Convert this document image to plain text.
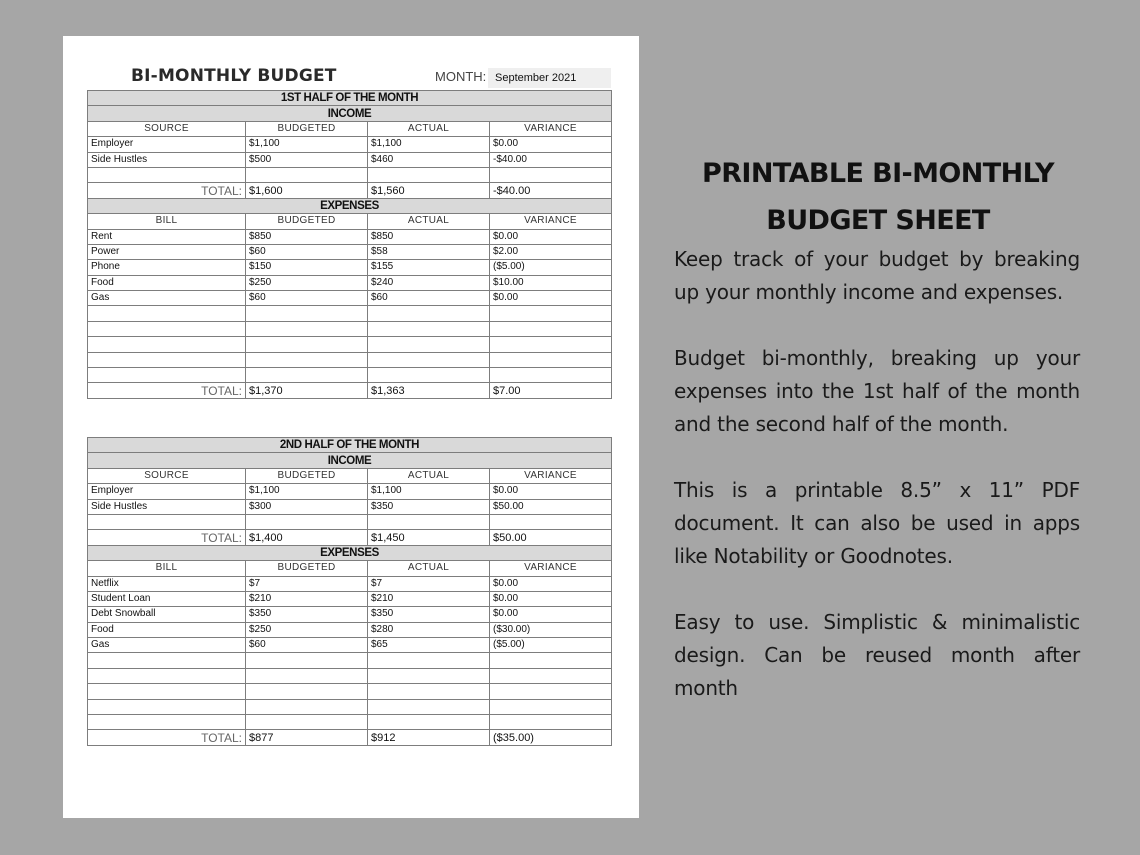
BI-MONTHLY BUDGET	MONTH: September 2021
1ST HALF OF THE MONTH			
INCOME			
SOURCE	BUDGETED	ACTUAL	VARIANCE
Employer	$1,100	$1,100	$0.00
Side Hustles	$500	$460	-$40.00

TOTAL:	$1,600	$1,560	-$40.00
EXPENSES			
BILL	BUDGETED	ACTUAL	VARIANCE
Rent	$850	$850	$0.00
Power	$60	$58	$2.00
Phone	$150	$155	($5.00)
Food	$250	$240	$10.00
Gas	$60	$60	$0.00

TOTAL:	$1,370	$1,363	$7.00
2ND HALF OF THE MONTH			
INCOME			
SOURCE	BUDGETED	ACTUAL	VARIANCE
Employer	$1,100	$1,100	$0.00
Side Hustles	$300	$350	$50.00

TOTAL:	$1,400	$1,450	$50.00
EXPENSES			
BILL	BUDGETED	ACTUAL	VARIANCE
Netflix	$7	$7	$0.00
Student Loan	$210	$210	$0.00
Debt Snowball	$350	$350	$0.00
Food	$250	$280	($30.00)
Gas	$60	$65	($5.00)

TOTAL:	$877	$912	($35.00)
PRINTABLE BI-MONTHLY
BUDGET SHEET
Keep track of your budget by breaking up your monthly income and expenses.
Budget bi-monthly, breaking up your expenses into the 1st half of the month and the second half of the month.
This is a printable 8.5” x 11” PDF document. It can also be used in apps like Notability or Goodnotes.
Easy to use. Simplistic & minimalistic design. Can be reused month after month
